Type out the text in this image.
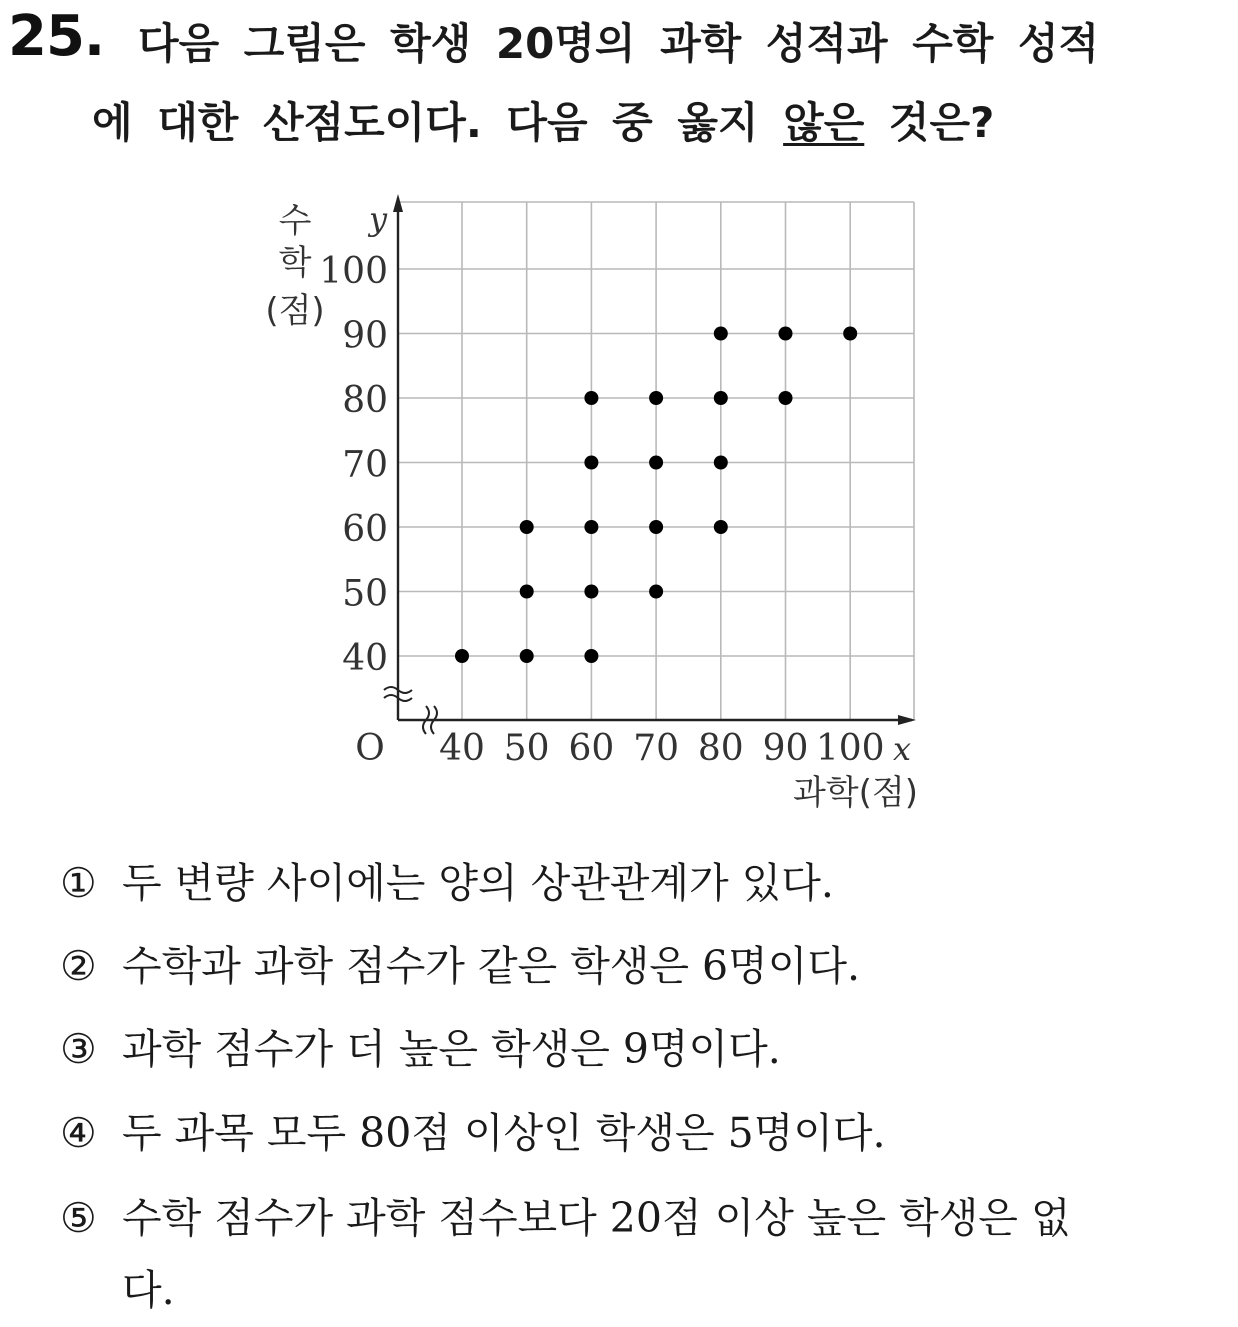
25. 다음 그림은 학생 20명의 과학 성적과 수학 성적
에 대한 산점도이다. 다음 중 옳지 않은 것은?
40
50
60
70
80
90
100
40 50 60 70 80 90 100
O
y
x
수
학
(점)
과학(점)
① 두 변량 사이에는 양의 상관관계가 있다.
② 수학과 과학 점수가 같은 학생은 6명이다.
③ 과학 점수가 더 높은 학생은 9명이다.
④ 두 과목 모두 80점 이상인 학생은 5명이다.
⑤ 수학 점수가 과학 점수보다 20점 이상 높은 학생은 없
다.
